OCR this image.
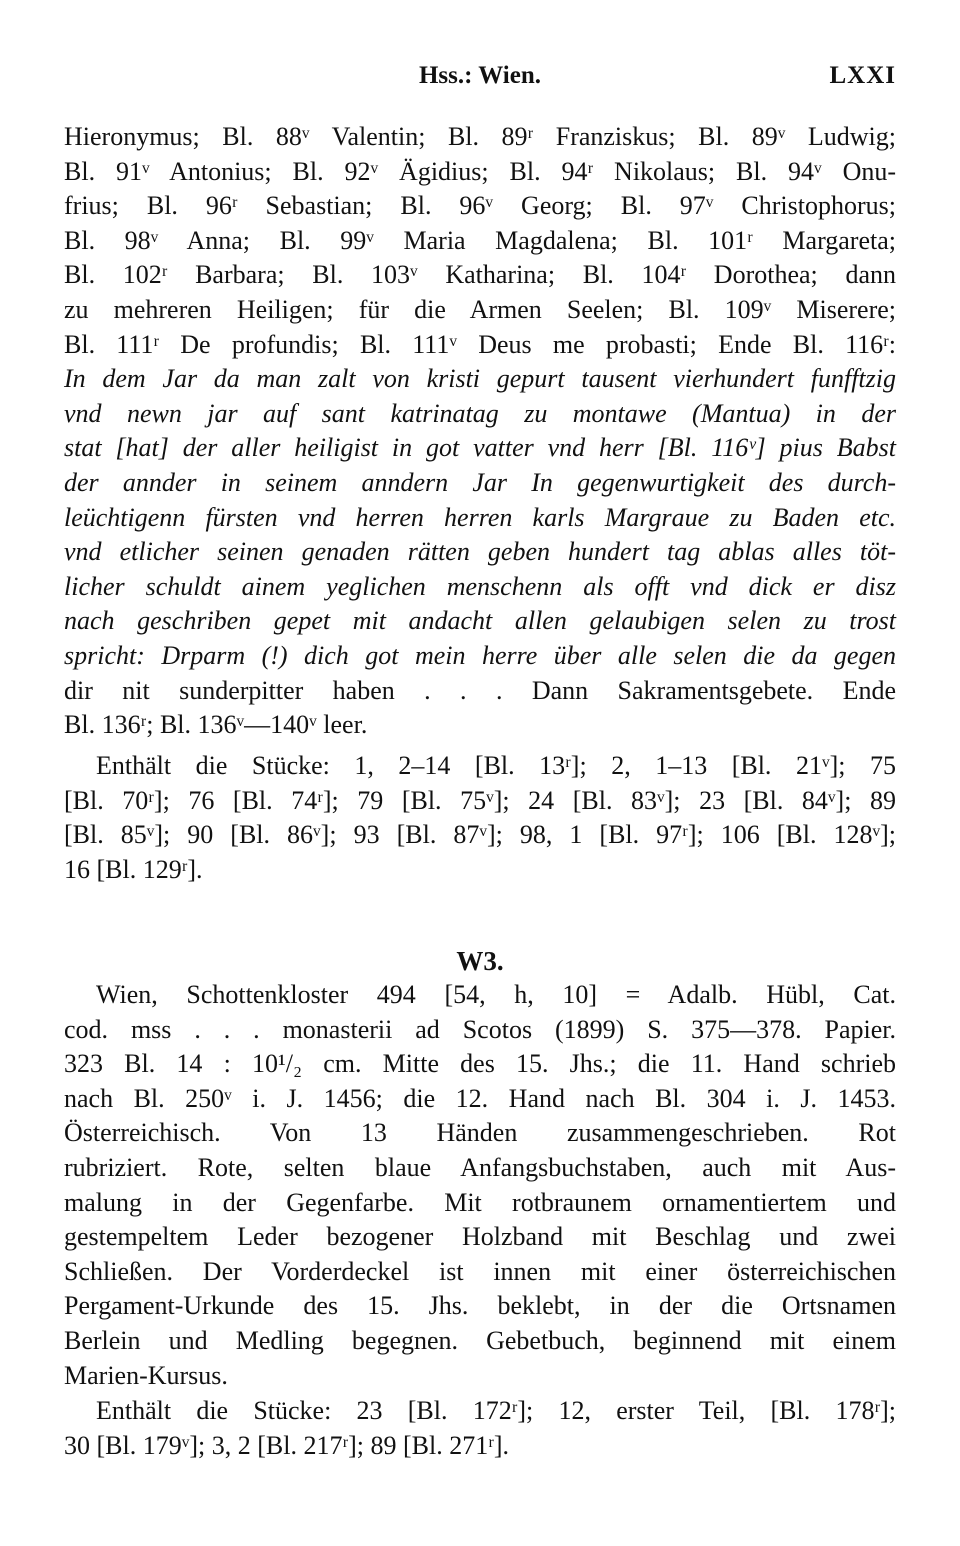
Hss.: Wien.	LXXI
Hieronymus; Bl. 88ᵛ Valentin; Bl. 89ʳ Franziskus; Bl. 89ᵛ Ludwig;
Bl. 91ᵛ Antonius; Bl. 92ᵛ Ägidius; Bl. 94ʳ Nikolaus; Bl. 94ᵛ Onu-
frius; Bl. 96ʳ Sebastian; Bl. 96ᵛ Georg; Bl. 97ᵛ Christophorus;
Bl. 98ᵛ Anna; Bl. 99ᵛ Maria Magdalena; Bl. 101ʳ Margareta;
Bl. 102ʳ Barbara; Bl. 103ᵛ Katharina; Bl. 104ʳ Dorothea; dann
zu mehreren Heiligen; für die Armen Seelen; Bl. 109ᵛ Miserere;
Bl. 111ʳ De profundis; Bl. 111ᵛ Deus me probasti; Ende Bl. 116ʳ:
In dem Jar da man zalt von kristi gepurt tausent vierhundert funfftzig
vnd newn jar auf sant katrinatag zu montawe (Mantua) in der
stat [hat] der aller heiligist in got vatter vnd herr [Bl. 116ᵛ] pius Babst
der annder in seinem anndern Jar In gegenwurtigkeit des durch-
leüchtigenn fürsten vnd herren herren karls Margraue zu Baden etc.
vnd etlicher seinen genaden rätten geben hundert tag ablas alles töt-
licher schuldt ainem yeglichen menschenn als offt vnd dick er disz
nach geschriben gepet mit andacht allen gelaubigen selen zu trost
spricht: Drparm (!) dich got mein herre über alle selen die da gegen
dir nit sunderpitter haben . . . Dann Sakramentsgebete. Ende
Bl. 136ʳ; Bl. 136ᵛ—140ᵛ leer.
Enthält die Stücke: 1, 2–14 [Bl. 13ʳ]; 2, 1–13 [Bl. 21ᵛ]; 75
[Bl. 70ʳ]; 76 [Bl. 74ʳ]; 79 [Bl. 75ᵛ]; 24 [Bl. 83ᵛ]; 23 [Bl. 84ᵛ]; 89
[Bl. 85ᵛ]; 90 [Bl. 86ᵛ]; 93 [Bl. 87ᵛ]; 98, 1 [Bl. 97ʳ]; 106 [Bl. 128ᵛ];
16 [Bl. 129ʳ].
W3.
Wien, Schottenkloster 494 [54, h, 10] = Adalb. Hübl, Cat.
cod. mss . . . monasterii ad Scotos (1899) S. 375—378. Papier.
323 Bl. 14 : 10¹/₂ cm. Mitte des 15. Jhs.; die 11. Hand schrieb
nach Bl. 250ᵛ i. J. 1456; die 12. Hand nach Bl. 304 i. J. 1453.
Österreichisch. Von 13 Händen zusammengeschrieben. Rot
rubriziert. Rote, selten blaue Anfangsbuchstaben, auch mit Aus-
malung in der Gegenfarbe. Mit rotbraunem ornamentiertem und
gestempeltem Leder bezogener Holzband mit Beschlag und zwei
Schließen. Der Vorderdeckel ist innen mit einer österreichischen
Pergament-Urkunde des 15. Jhs. beklebt, in der die Ortsnamen
Berlein und Medling begegnen. Gebetbuch, beginnend mit einem
Marien-Kursus.
Enthält die Stücke: 23 [Bl. 172ʳ]; 12, erster Teil, [Bl. 178ʳ];
30 [Bl. 179ᵛ]; 3, 2 [Bl. 217ʳ]; 89 [Bl. 271ʳ].
